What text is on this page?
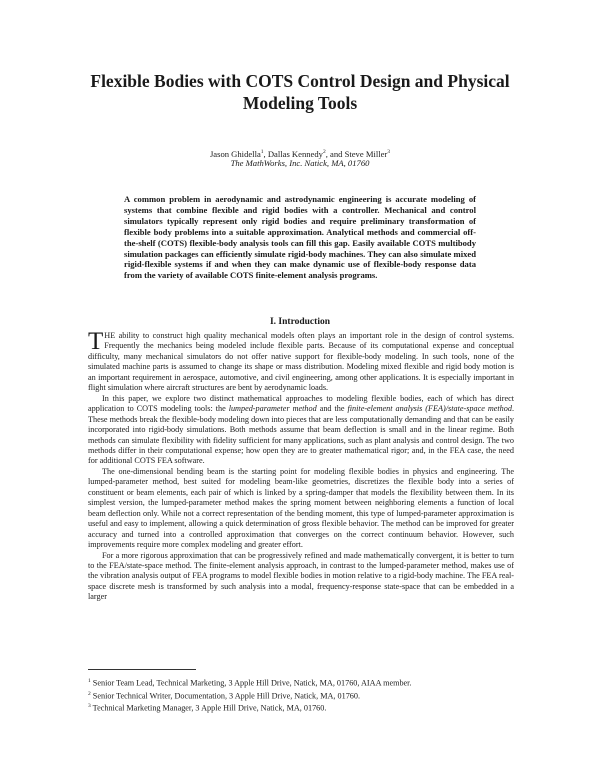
Flexible Bodies with COTS Control Design and Physical Modeling Tools
Jason Ghidella$^1$, Dallas Kennedy$^2$, and Steve Miller$^3$
The MathWorks, Inc. Natick, MA, 01760

A common problem in aerodynamic and astrodynamic engineering is accurate modeling of systems that combine flexible and rigid bodies with a controller. Mechanical and control simulators typically represent only rigid bodies and require preliminary transformation of flexible body problems into a suitable approximation. Analytical methods and commercial off-the-shelf (COTS) flexible-body analysis tools can fill this gap. Easily available COTS multibody simulation packages can efficiently simulate rigid-body machines. They can also simulate mixed rigid-flexible systems if and when they can make dynamic use of flexible-body response data from the variety of available COTS finite-element analysis programs.

I. Introduction

THE ability to construct high quality mechanical models often plays an important role in the design of control systems. Frequently the mechanics being modeled include flexible parts. Because of its computational expense and conceptual difficulty, many mechanical simulators do not offer native support for flexible-body modeling. In such tools, none of the simulated machine parts is assumed to change its shape or mass distribution. Modeling mixed flexible and rigid body motion is an important requirement in aerospace, automotive, and civil engineering, among other applications. It is especially important in flight simulation where aircraft structures are bent by aerodynamic loads.

In this paper, we explore two distinct mathematical approaches to modeling flexible bodies, each of which has direct application to COTS modeling tools: the lumped-parameter method and the finite-element analysis (FEA)/state-space method. These methods break the flexible-body modeling down into pieces that are less computationally demanding and that can be easily incorporated into rigid-body simulations. Both methods assume that beam deflection is small and in the linear regime. Both methods can simulate flexibility with fidelity sufficient for many applications, such as plant analysis and control design. The two methods differ in their computational expense; how open they are to greater mathematical rigor; and, in the FEA case, the need for additional COTS FEA software.

The one-dimensional bending beam is the starting point for modeling flexible bodies in physics and engineering. The lumped-parameter method, best suited for modeling beam-like geometries, discretizes the flexible body into a series of constituent or beam elements, each pair of which is linked by a spring-damper that models the flexibility between them. In its simplest version, the lumped-parameter method makes the spring moment between neighboring elements a function of local beam deflection only. While not a correct representation of the bending moment, this type of lumped-parameter approximation is useful and easy to implement, allowing a quick determination of gross flexible behavior. The method can be improved for greater accuracy and turned into a controlled approximation that converges on the correct continuum behavior. However, such improvements require more complex modeling and greater effort.

For a more rigorous approximation that can be progressively refined and made mathematically convergent, it is better to turn to the FEA/state-space method. The finite-element analysis approach, in contrast to the lumped-parameter method, makes use of the vibration analysis output of FEA programs to model flexible bodies in motion relative to a rigid-body machine. The FEA real-space discrete mesh is transformed by such analysis into a modal, frequency-response state-space that can be embedded in a larger

$^1$ Senior Team Lead, Technical Marketing, 3 Apple Hill Drive, Natick, MA, 01760, AIAA member.
$^2$ Senior Technical Writer, Documentation, 3 Apple Hill Drive, Natick, MA, 01760.
$^3$ Technical Marketing Manager, 3 Apple Hill Drive, Natick, MA, 01760.
